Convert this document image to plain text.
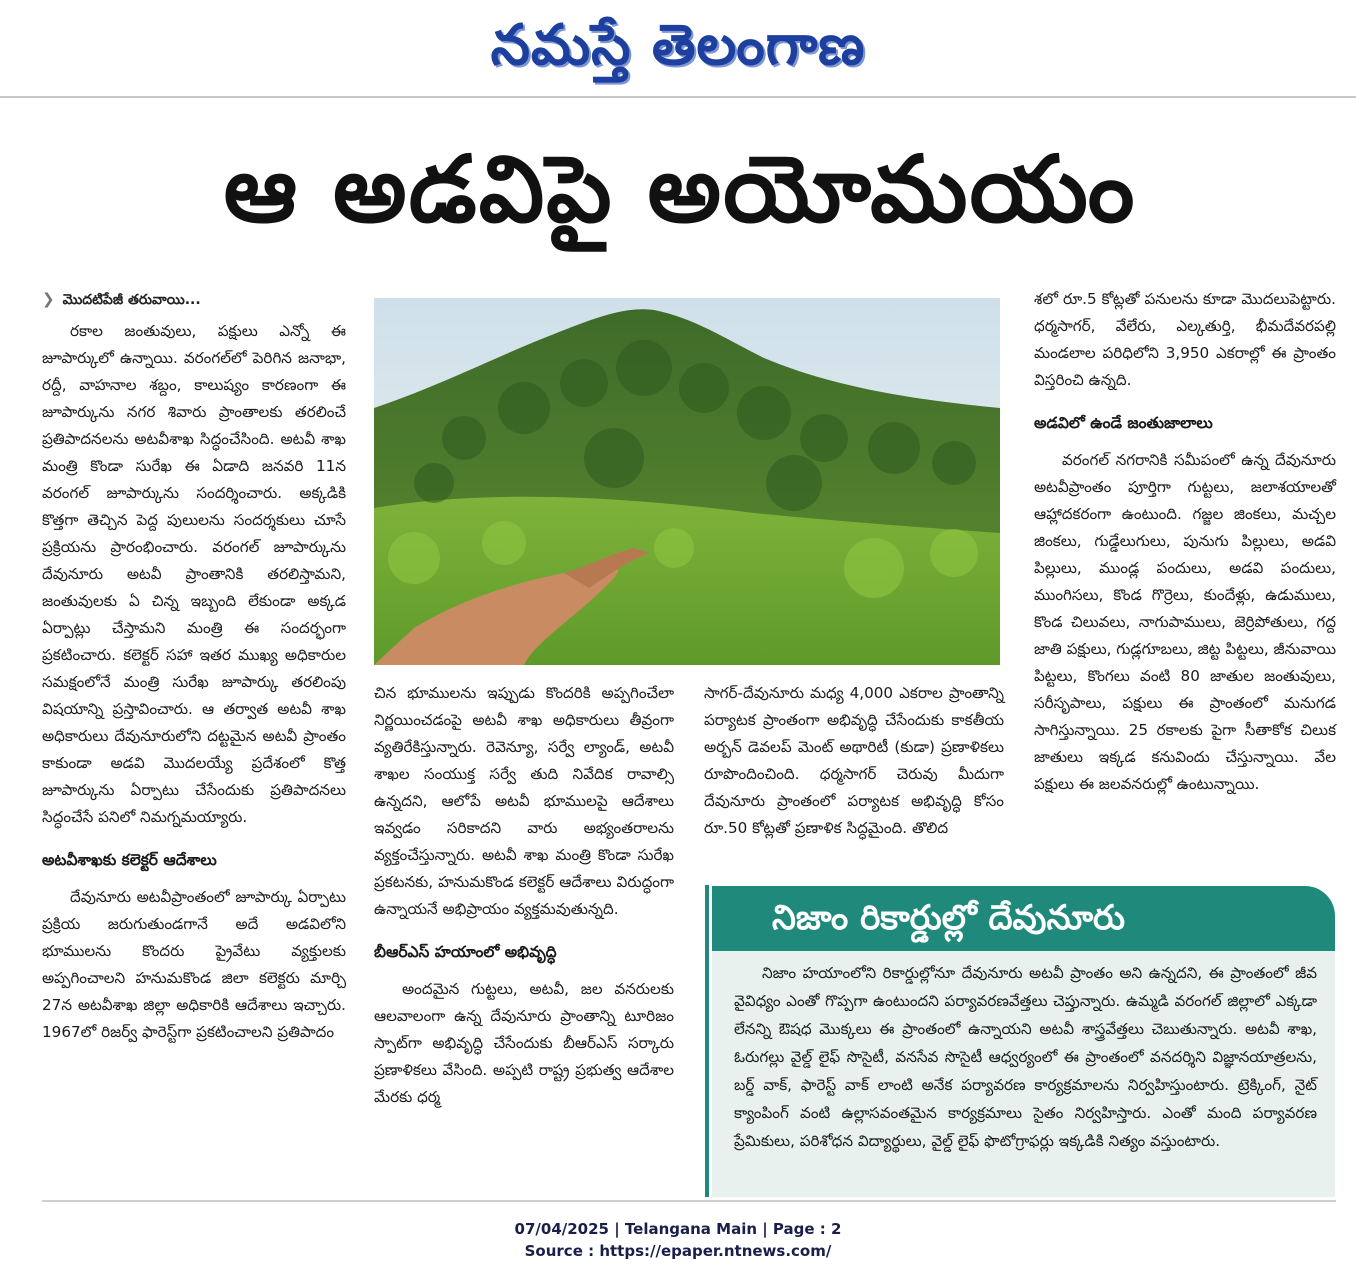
నమస్తే తెలంగాణ
ఆ అడవిపై అయోమయం
❯ మొదటిపేజీ తరువాయి...

రకాల జంతువులు, పక్షులు ఎన్నో ఈ జూపార్కులో ఉన్నాయి. వరంగల్‌లో పెరిగిన జనాభా, రద్దీ, వాహనాల శబ్దం, కాలుష్యం కారణంగా ఈ జూపార్కును నగర శివారు ప్రాంతాలకు తరలించే ప్రతిపాదనలను అటవీశాఖ సిద్ధంచేసింది. అటవీ శాఖ మంత్రి కొండా సురేఖ ఈ ఏడాది జనవరి 11న వరంగల్ జూపార్కును సందర్శించారు. అక్కడికి కొత్తగా తెచ్చిన పెద్ద పులులను సందర్శకులు చూసే ప్రక్రియను ప్రారంభించారు. వరంగల్ జూపార్కును దేవునూరు అటవీ ప్రాంతానికి తరలిస్తామని, జంతువులకు ఏ చిన్న ఇబ్బంది లేకుండా అక్కడ ఏర్పాట్లు చేస్తామని మంత్రి ఈ సందర్భంగా ప్రకటించారు. కలెక్టర్ సహా ఇతర ముఖ్య అధికారుల సమక్షంలోనే మంత్రి సురేఖ జూపార్కు తరలింపు విషయాన్ని ప్రస్తావించారు. ఆ తర్వాత అటవీ శాఖ అధికారులు దేవునూరులోని దట్టమైన అటవీ ప్రాంతం కాకుండా అడవి మొదలయ్యే ప్రదేశంలో కొత్త జూపార్కును ఏర్పాటు చేసేందుకు ప్రతిపాదనలు సిద్ధంచేసే పనిలో నిమగ్నమయ్యారు.

అటవీశాఖకు కలెక్టర్ ఆదేశాలు

దేవునూరు అటవీప్రాంతంలో జూపార్కు ఏర్పాటు ప్రక్రియ జరుగుతుండగానే అదే అడవిలోని భూములను కొందరు ప్రైవేటు వ్యక్తులకు అప్పగించాలని హనుమకొండ జిలా కలెక్టరు మార్చి 27న అటవీశాఖ జిల్లా అధికారికి ఆదేశాలు ఇచ్చారు. 1967లో రిజర్వ్ ఫారెస్ట్‌గా ప్రకటించాలని ప్రతిపాదం

చిన భూములను ఇప్పుడు కొందరికి అప్పగించేలా నిర్ణయించడంపై అటవీ శాఖ అధికారులు తీవ్రంగా వ్యతిరేకిస్తున్నారు. రెవెన్యూ, సర్వే ల్యాండ్, అటవీ శాఖల సంయుక్త సర్వే తుది నివేదిక రావాల్సి ఉన్నదని, ఆలోపే అటవీ భూములపై ఆదేశాలు ఇవ్వడం సరికాదని వారు అభ్యంతరాలను వ్యక్తంచేస్తున్నారు. అటవీ శాఖ మంత్రి కొండా సురేఖ ప్రకటనకు, హనుమకొండ కలెక్టర్ ఆదేశాలు విరుద్ధంగా ఉన్నాయనే అభిప్రాయం వ్యక్తమవుతున్నది.

బీఆర్‌ఎస్ హయాంలో అభివృద్ధి

అందమైన గుట్టలు, అటవీ, జల వనరులకు ఆలవాలంగా ఉన్న దేవునూరు ప్రాంతాన్ని టూరిజం స్పాట్‌గా అభివృద్ధి చేసేందుకు బీఆర్‌ఎస్ సర్కారు ప్రణాళికలు వేసింది. అప్పటి రాష్ట్ర ప్రభుత్వ ఆదేశాల మేరకు ధర్మ

సాగర్-దేవునూరు మధ్య 4,000 ఎకరాల ప్రాంతాన్ని పర్యాటక ప్రాంతంగా అభివృద్ధి చేసేందుకు కాకతీయ అర్బన్ డెవలప్ మెంట్ అథారిటీ (కుడా) ప్రణాళికలు రూపొందించింది. ధర్మసాగర్ చెరువు మీదుగా దేవునూరు ప్రాంతంలో పర్యాటక అభివృద్ధి కోసం రూ.50 కోట్లతో ప్రణాళిక సిద్ధమైంది. తొలిద

శలో రూ.5 కోట్లతో పనులను కూడా మొదలుపెట్టారు. ధర్మసాగర్, వేలేరు, ఎల్కతుర్తి, భీమదేవరపల్లి మండలాల పరిధిలోని 3,950 ఎకరాల్లో ఈ ప్రాంతం విస్తరించి ఉన్నది.

అడవిలో ఉండే జంతుజాలాలు

వరంగల్ నగరానికి సమీపంలో ఉన్న దేవునూరు అటవీప్రాంతం పూర్తిగా గుట్టలు, జలాశయాలతో ఆహ్లాదకరంగా ఉంటుంది. గజ్జల జింకలు, మచ్చల జింకలు, గుడ్డేలుగులు, పునుగు పిల్లులు, అడవి పిల్లులు, ముండ్ల పందులు, అడవి పందులు, ముంగిసలు, కొండ గొర్రెలు, కుందేళ్లు, ఉడుములు, కొండ చిలువలు, నాగుపాములు, జెర్రిపోతులు, గద్ద జాతి పక్షులు, గుడ్లగూబలు, జిట్ట పిట్టలు, జీనువాయి పిట్టలు, కొంగలు వంటి 80 జాతుల జంతువులు, సరీసృపాలు, పక్షులు ఈ ప్రాంతంలో మనుగడ సాగిస్తున్నాయి. 25 రకాలకు పైగా సీతాకోక చిలుక జాతులు ఇక్కడ కనువిందు చేస్తున్నాయి. వేల పక్షులు ఈ జలవనరుల్లో ఉంటున్నాయి.

నిజాం రికార్డుల్లో దేవునూరు

నిజాం హయాంలోని రికార్డుల్లోనూ దేవునూరు అటవీ ప్రాంతం అని ఉన్నదని, ఈ ప్రాంతంలో జీవ వైవిధ్యం ఎంతో గొప్పగా ఉంటుందని పర్యావరణవేత్తలు చెప్తున్నారు. ఉమ్మడి వరంగల్ జిల్లాలో ఎక్కడా లేనన్ని ఔషధ మొక్కలు ఈ ప్రాంతంలో ఉన్నాయని అటవీ శాస్త్రవేత్తలు చెబుతున్నారు. అటవీ శాఖ, ఓరుగల్లు వైల్డ్ లైఫ్ సొసైటీ, వనసేవ సొసైటీ ఆధ్వర్యంలో ఈ ప్రాంతంలో వనదర్శిని విజ్ఞానయాత్రలను, బర్డ్ వాక్, ఫారెస్ట్ వాక్ లాంటి అనేక పర్యావరణ కార్యక్రమాలను నిర్వహిస్తుంటారు. ట్రెక్కింగ్, నైట్ క్యాంపింగ్ వంటి ఉల్లాసవంతమైన కార్యక్రమాలు సైతం నిర్వహిస్తారు. ఎంతో మంది పర్యావరణ ప్రేమికులు, పరిశోధన విద్యార్థులు, వైల్డ్ లైఫ్ ఫొటోగ్రాఫర్లు ఇక్కడికి నిత్యం వస్తుంటారు.

07/04/2025 | Telangana Main | Page : 2
Source : https://epaper.ntnews.com/
